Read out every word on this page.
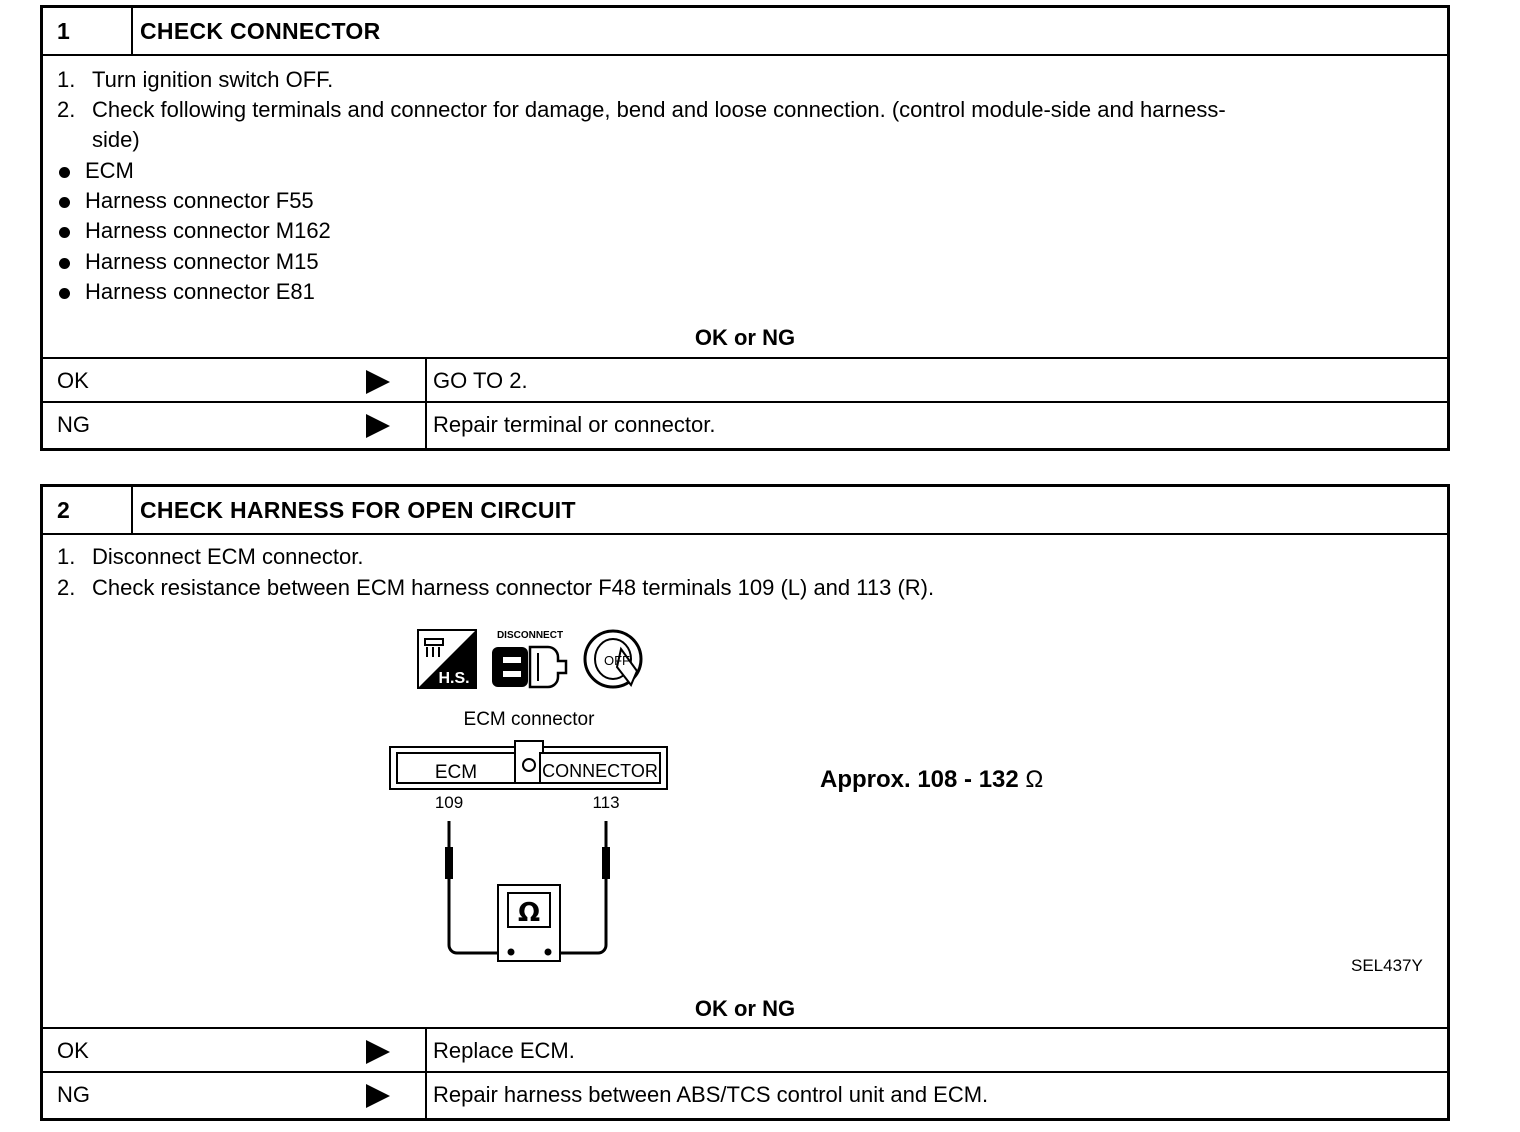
1	CHECK CONNECTOR
1. Turn ignition switch OFF.
2. Check following terminals and connector for damage, bend and loose connection. (control module-side and harness-
side)
ECM
Harness connector F55
Harness connector M162
Harness connector M15
Harness connector E81
OK or NG
OK	GO TO 2.
NG	Repair terminal or connector.
2	CHECK HARNESS FOR OPEN CIRCUIT
1. Disconnect ECM connector.
2. Check resistance between ECM harness connector F48 terminals 109 (L) and 113 (R).
H.S.
DISCONNECT
OFF
ECM connector
ECM	CONNECTOR
109	113
Ω
Approx. 108 - 132 Ω
SEL437Y
OK or NG
OK	Replace ECM.
NG	Repair harness between ABS/TCS control unit and ECM.
